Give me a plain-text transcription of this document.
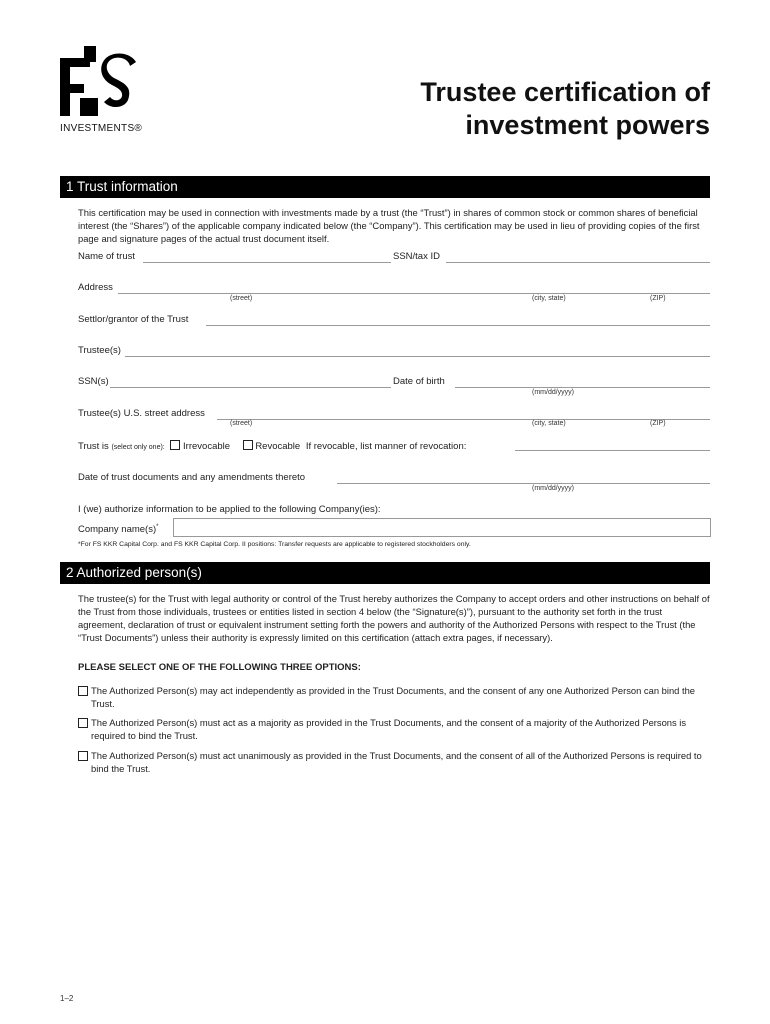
INVESTMENTS®
Trustee certification of
investment powers
1 Trust information
This certification may be used in connection with investments made by a trust (the “Trust”) in shares of common stock or common shares of beneficial interest (the “Shares”) of the applicable company indicated below (the “Company”). This certification may be used in lieu of providing copies of the first page and signature pages of the actual trust document itself.
Name of trust	SSN/tax ID
Address
(street)	(city, state)	(ZIP)
Settlor/grantor of the Trust
Trustee(s)
SSN(s)	Date of birth
(mm/dd/yyyy)
Trustee(s) U.S. street address
(street)	(city, state)	(ZIP)
Trust is (select only one): Irrevocable	Revocable If revocable, list manner of revocation:
Date of trust documents and any amendments thereto
(mm/dd/yyyy)
I (we) authorize information to be applied to the following Company(ies):
Company name(s)*
*For FS KKR Capital Corp. and FS KKR Capital Corp. II positions: Transfer requests are applicable to registered stockholders only.
2 Authorized person(s)
The trustee(s) for the Trust with legal authority or control of the Trust hereby authorizes the Company to accept orders and other instructions on behalf of the Trust from those individuals, trustees or entities listed in section 4 below (the “Signature(s)”), pursuant to the authority set forth in the trust agreement, declaration of trust or equivalent instrument setting forth the powers and authority of the Authorized Persons with respect to the Trust (the “Trust Documents”) unless their authority is expressly limited on this certification (attach extra pages, if necessary).
PLEASE SELECT ONE OF THE FOLLOWING THREE OPTIONS:
The Authorized Person(s) may act independently as provided in the Trust Documents, and the consent of any one Authorized Person can bind the Trust.
The Authorized Person(s) must act as a majority as provided in the Trust Documents, and the consent of a majority of the Authorized Persons is required to bind the Trust.
The Authorized Person(s) must act unanimously as provided in the Trust Documents, and the consent of all of the Authorized Persons is required to bind the Trust.
1–2
